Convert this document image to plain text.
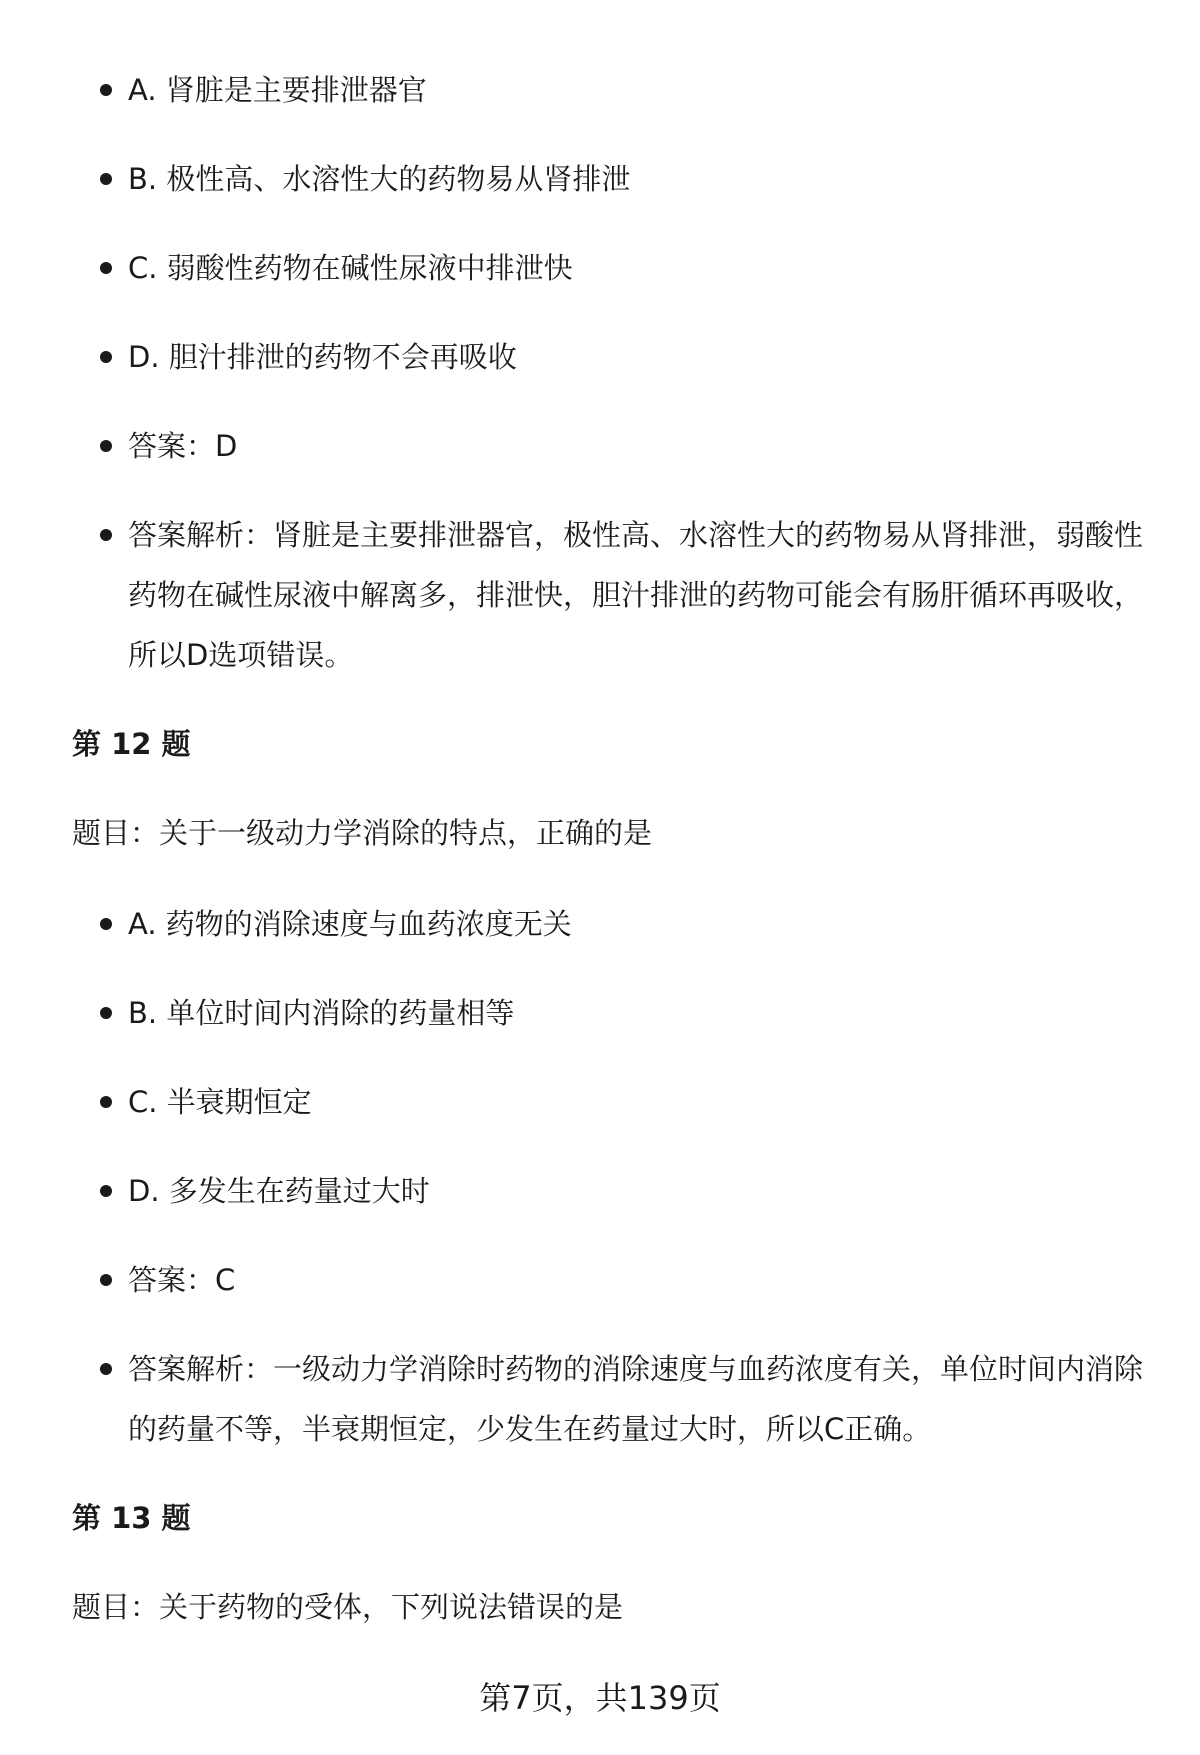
A. 肾脏是主要排泄器官
B. 极性高、水溶性大的药物易从肾排泄
C. 弱酸性药物在碱性尿液中排泄快
D. 胆汁排泄的药物不会再吸收
答案：D
答案解析：肾脏是主要排泄器官，极性高、水溶性大的药物易从肾排泄，弱酸性药物在碱性尿液中解离多，排泄快，胆汁排泄的药物可能会有肠肝循环再吸收，所以D选项错误。
第 12 题
题目：关于一级动力学消除的特点，正确的是
A. 药物的消除速度与血药浓度无关
B. 单位时间内消除的药量相等
C. 半衰期恒定
D. 多发生在药量过大时
答案：C
答案解析：一级动力学消除时药物的消除速度与血药浓度有关，单位时间内消除的药量不等，半衰期恒定，少发生在药量过大时，所以C正确。
第 13 题
题目：关于药物的受体，下列说法错误的是
第7页，共139页
